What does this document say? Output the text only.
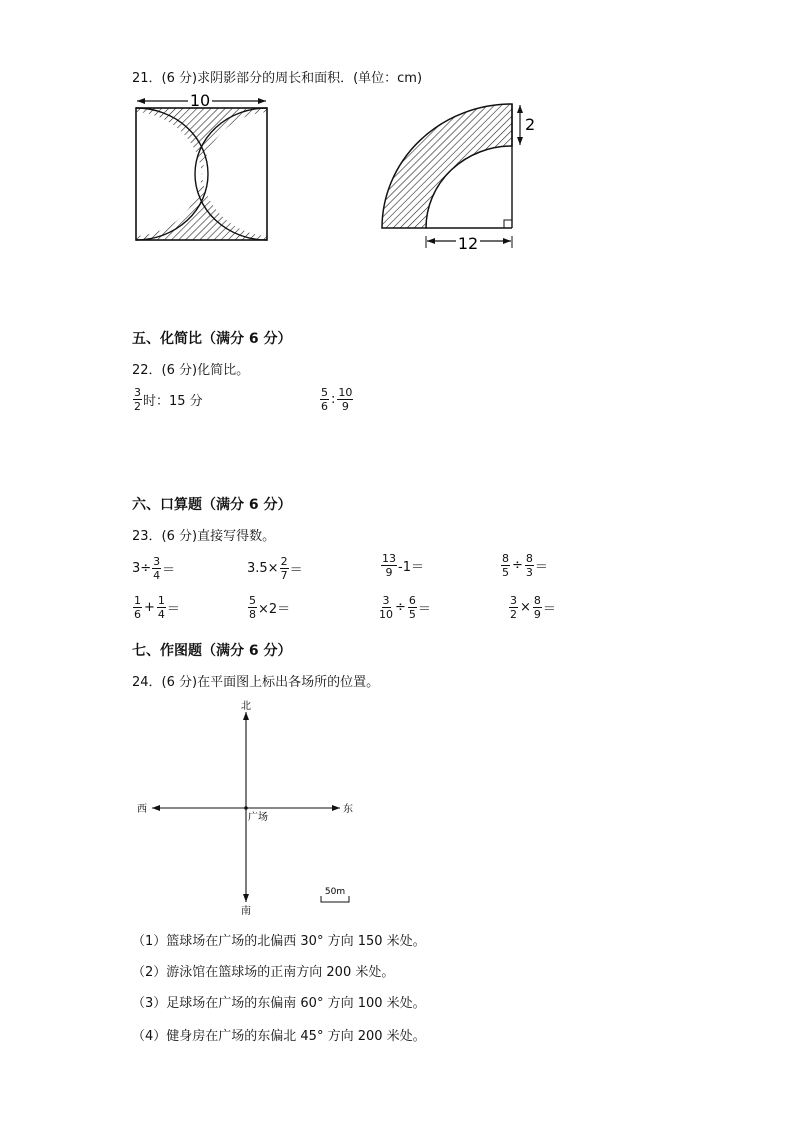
21．(6 分)求阴影部分的周长和面积．(单位：cm)
10
2
12
五、化简比（满分 6 分）
22．(6 分)化简比。
$\frac{3}{2}$ 时：15 分	$\frac{5}{6}$ : $\frac{10}{9}$
六、口算题（满分 6 分）
23．(6 分)直接写得数。
$3\div \frac{3}{4}$ ＝	$3.5\times \frac{2}{7}$ ＝	$\frac{13}{9} -1=$	$\frac{8}{5} \div \frac{8}{3}$ ＝
$\frac{1}{6} + \frac{1}{4}$ ＝	$\frac{5}{8} \times 2=$	$\frac{3}{10} \div \frac{6}{5}$ ＝	$\frac{3}{2} \times \frac{8}{9}$ ＝
七、作图题（满分 6 分）
24．(6 分)在平面图上标出各场所的位置。
北
南
西	东
广场
50m
（1）篮球场在广场的北偏西 30° 方向 150 米处。
（2）游泳馆在篮球场的正南方向 200 米处。
（3）足球场在广场的东偏南 60° 方向 100 米处。
（4）健身房在广场的东偏北 45° 方向 200 米处。
